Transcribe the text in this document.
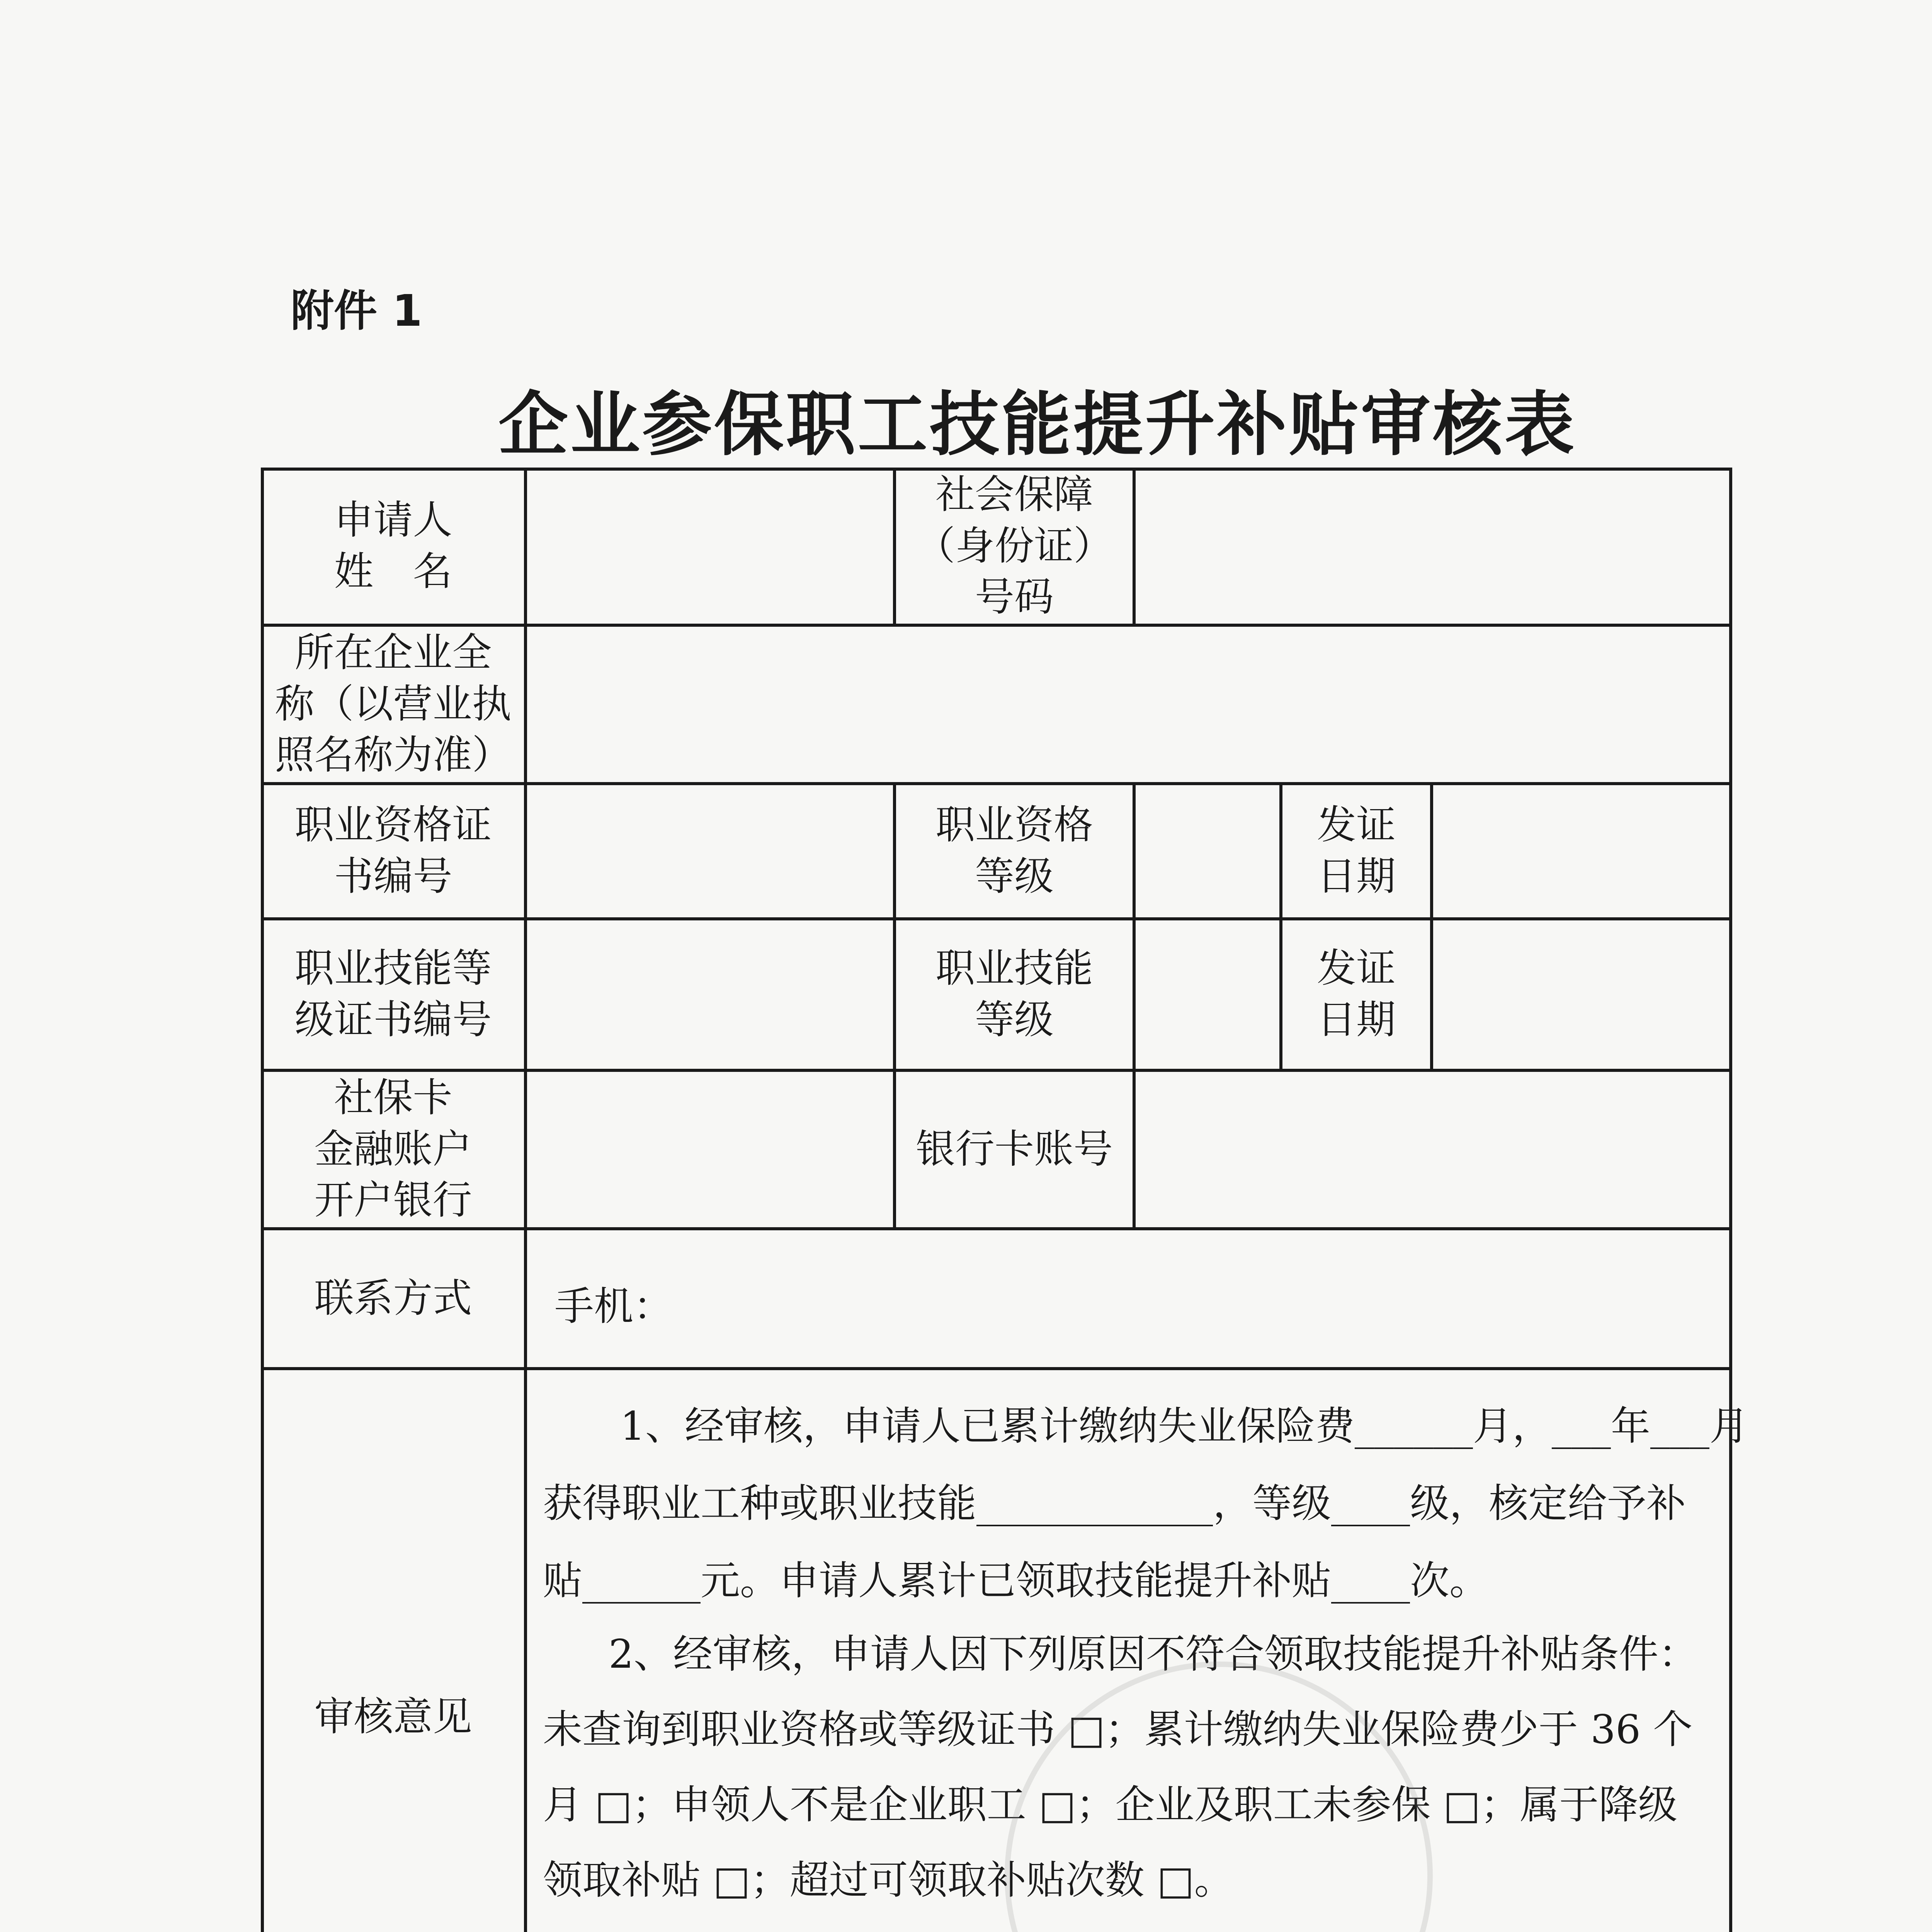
附件 1
企业参保职工技能提升补贴审核表
申请人
姓　名
社会保障
（身份证）
号码
所在企业全
称（以营业执
照名称为准）
职业资格证
书编号
职业资格
等级
发证
日期
职业技能等
级证书编号
职业技能
等级
发证
日期
社保卡
金融账户
开户银行
银行卡账号
联系方式	手机：
审核意见
1、经审核，申请人已累计缴纳失业保险费______月，___年___月
获得职业工种或职业技能____________，等级____级，核定给予补
贴______元。申请人累计已领取技能提升补贴____次。
2、经审核，申请人因下列原因不符合领取技能提升补贴条件：
未查询到职业资格或等级证书 □；累计缴纳失业保险费少于 36 个
月 □；申领人不是企业职工 □；企业及职工未参保 □；属于降级
领取补贴 □；超过可领取补贴次数 □。
